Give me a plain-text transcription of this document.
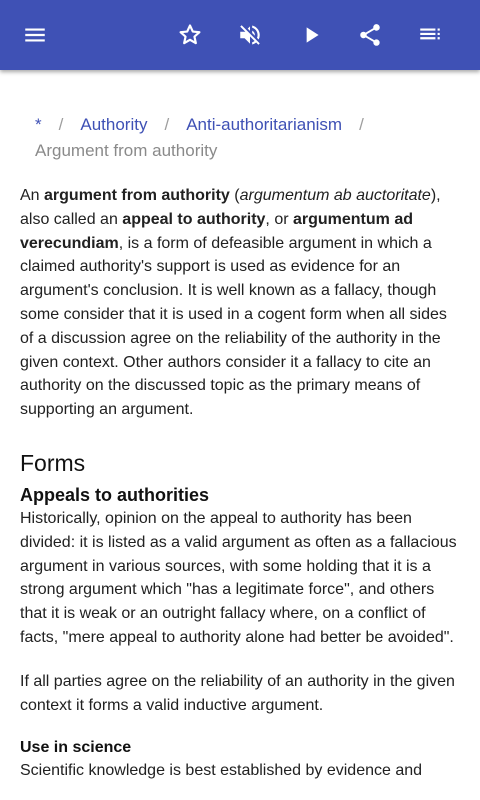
* / Authority / Anti-authoritarianism /
Argument from authority

An argument from authority (argumentum ab auctoritate), also called an appeal to authority, or argumentum ad verecundiam, is a form of defeasible argument in which a claimed authority's support is used as evidence for an argument's conclusion. It is well known as a fallacy, though some consider that it is used in a cogent form when all sides of a discussion agree on the reliability of the authority in the given context. Other authors consider it a fallacy to cite an authority on the discussed topic as the primary means of supporting an argument.

Forms
Appeals to authorities

Historically, opinion on the appeal to authority has been divided: it is listed as a valid argument as often as a fallacious argument in various sources, with some holding that it is a strong argument which "has a legitimate force", and others that it is weak or an outright fallacy where, on a conflict of facts, "mere appeal to authority alone had better be avoided".

If all parties agree on the reliability of an authority in the given context it forms a valid inductive argument.

Use in science

Scientific knowledge is best established by evidence and
